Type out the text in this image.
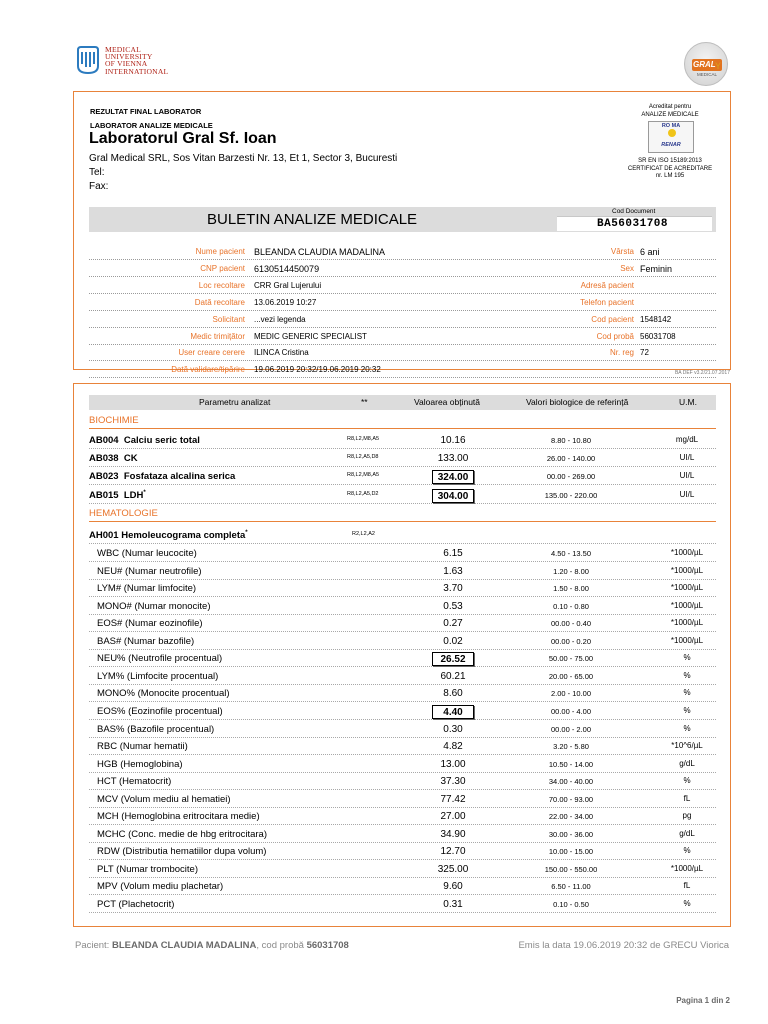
MEDICAL
UNIVERSITY
OF VIENNA
INTERNATIONAL
GRAL Y
MEDICAL
REZULTAT FINAL LABORATOR
LABORATOR ANALIZE MEDICALE
Laboratorul Gral Sf. Ioan
Gral Medical SRL, Sos Vitan Barzesti Nr. 13, Et 1, Sector 3, Bucuresti
Tel:
Fax:
Acreditat pentru
ANALIZE MEDICALE
RO MA
RENAR
SR EN ISO 15189:2013
CERTIFICAT DE ACREDITARE
nr. LM 195
BULETIN ANALIZE MEDICALE	Cod Document
BA56031708
Nume pacient BLEANDA CLAUDIA MADALINA	Vârsta 6 ani
CNP pacient 6130514450079	Sex Feminin
Loc recoltare CRR Gral Lujerului	Adresă pacient
Dată recoltare 13.06.2019 10:27	Telefon pacient
Solicitant ...vezi legenda	Cod pacient 1548142
Medic trimițător MEDIC GENERIC SPECIALIST	Cod probă 56031708
User creare cerere ILINCA Cristina	Nr. reg 72
Dată validare/tipărire 19.06.2019 20:32/19.06.2019 20:32	BA DEF v3.2/21.07.2017
Parametru analizat	**	Valoarea obținută	Valori biologice de referință	U.M.
BIOCHIMIE
AB004 Calciu seric total	R8,L2,M8,A5	10.16	8.80 - 10.80	mg/dL
AB038 CK	R8,L2,A5,D8	133.00	26.00 - 140.00	UI/L
AB023 Fosfataza alcalina serica	R8,L2,M8,A5	324.00	00.00 - 269.00	UI/L
AB015 LDH*	R8,L2,A5,D2	304.00	135.00 - 220.00	UI/L
HEMATOLOGIE
AH001 Hemoleucograma completa*	R2,L2,A2
WBC (Numar leucocite)	6.15	4.50 - 13.50	*1000/µL
NEU# (Numar neutrofile)	1.63	1.20 - 8.00	*1000/µL
LYM# (Numar limfocite)	3.70	1.50 - 8.00	*1000/µL
MONO# (Numar monocite)	0.53	0.10 - 0.80	*1000/µL
EOS# (Numar eozinofile)	0.27	00.00 - 0.40	*1000/µL
BAS# (Numar bazofile)	0.02	00.00 - 0.20	*1000/µL
NEU% (Neutrofile procentual)	26.52	50.00 - 75.00	%
LYM% (Limfocite procentual)	60.21	20.00 - 65.00	%
MONO% (Monocite procentual)	8.60	2.00 - 10.00	%
EOS% (Eozinofile procentual)	4.40	00.00 - 4.00	%
BAS% (Bazofile procentual)	0.30	00.00 - 2.00	%
RBC (Numar hematii)	4.82	3.20 - 5.80	*10^6/µL
HGB (Hemoglobina)	13.00	10.50 - 14.00	g/dL
HCT (Hematocrit)	37.30	34.00 - 40.00	%
MCV (Volum mediu al hematiei)	77.42	70.00 - 93.00	fL
MCH (Hemoglobina eritrocitara medie)	27.00	22.00 - 34.00	pg
MCHC (Conc. medie de hbg eritrocitara)	34.90	30.00 - 36.00	g/dL
RDW (Distributia hematiilor dupa volum)	12.70	10.00 - 15.00	%
PLT (Numar trombocite)	325.00	150.00 - 550.00	*1000/µL
MPV (Volum mediu plachetar)	9.60	6.50 - 11.00	fL
PCT (Plachetocrit)	0.31	0.10 - 0.50	%
Pacient: BLEANDA CLAUDIA MADALINA, cod probă 56031708	Emis la data 19.06.2019 20:32 de GRECU Viorica
Pagina 1 din 2
